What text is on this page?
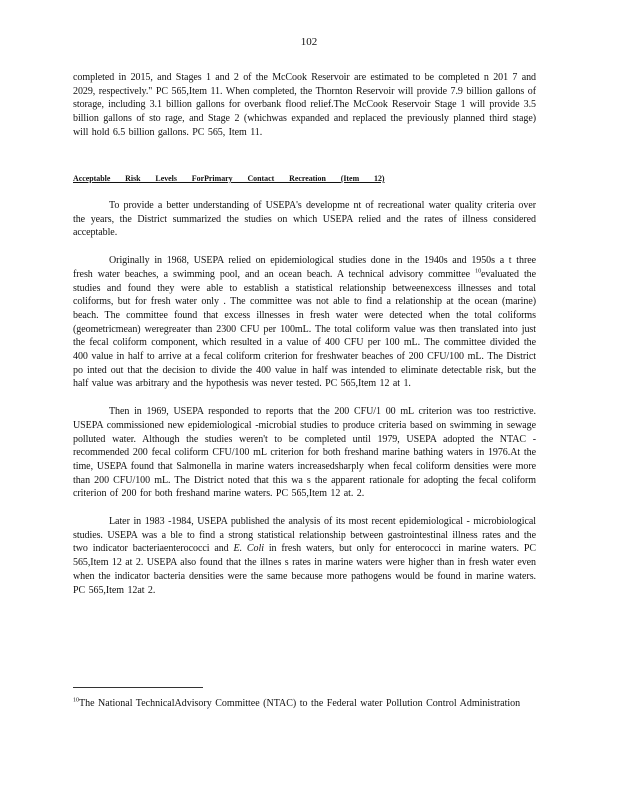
102

completed in 2015, and Stages 1 and 2 of the McCook Reservoir are estimated to be completed n 201 7 and 2029, respectively." PC 565,Item 11. When completed, the Thornton Reservoir will provide 7.9 billion gallons of storage, including 3.1 billion gallons for overbank flood relief.The McCook Reservoir Stage 1 will provide 3.5 billion gallons of sto rage, and Stage 2 (whichwas expanded and replaced the previously planned third stage) will hold 6.5 billion gallons. PC 565, Item 11.

Acceptable Risk Levels ForPrimary Contact Recreation (Item 12)

To provide a better understanding of USEPA's developme nt of recreational water quality criteria over the years, the District summarized the studies on which USEPA relied and the rates of illness considered acceptable.

Originally in 1968, USEPA relied on epidemiological studies done in the 1940s and 1950s a t three fresh water beaches, a swimming pool, and an ocean beach. A technical advisory committee $^{10}$evaluated the studies and found they were able to establish a statistical relationship betweenexcess illnesses and total coliforms, but for fresh water only . The committee was not able to find a relationship at the ocean (marine) beach. The committee found that excess illnesses in fresh water were detected when the total coliforms (geometricmean) weregreater than 2300 CFU per 100mL. The total coliform value was then translated into just the fecal coliform component, which resulted in a value of 400 CFU per 100 mL. The committee divided the 400 value in half to arrive at a fecal coliform criterion for freshwater beaches of 200 CFU/100 mL. The District po inted out that the decision to divide the 400 value in half was intended to eliminate detectable risk, but the half value was arbitrary and the hypothesis was never tested. PC 565,Item 12 at 1.

Then in 1969, USEPA responded to reports that the 200 CFU/1 00 mL criterion was too restrictive. USEPA commissioned new epidemiological -microbial studies to produce criteria based on swimming in sewage polluted water. Although the studies weren't to be completed until 1979, USEPA adopted the NTAC -recommended 200 fecal coliform CFU/100 mL criterion for both freshand marine bathing waters in 1976.At the time, USEPA found that Salmonella in marine waters increasedsharply when fecal coliform densities were more than 200 CFU/100 mL. The District noted that this wa s the apparent rationale for adopting the fecal coliform criterion of 200 for both freshand marine waters. PC 565,Item 12 at. 2.

Later in 1983 -1984, USEPA published the analysis of its most recent epidemiological - microbiological studies. USEPA was a ble to find a strong statistical relationship between gastrointestinal illness rates and the two indicator bacteriaenterococci and E. Coli in fresh waters, but only for enterococci in marine waters. PC 565,Item 12 at 2. USEPA also found that the illnes s rates in marine waters were higher than in fresh water even when the indicator bacteria densities were the same because more pathogens would be found in marine waters. PC 565,Item 12at 2.

$^{10}$The National TechnicalAdvisory Committee (NTAC) to the Federal water Pollution Control Administration
